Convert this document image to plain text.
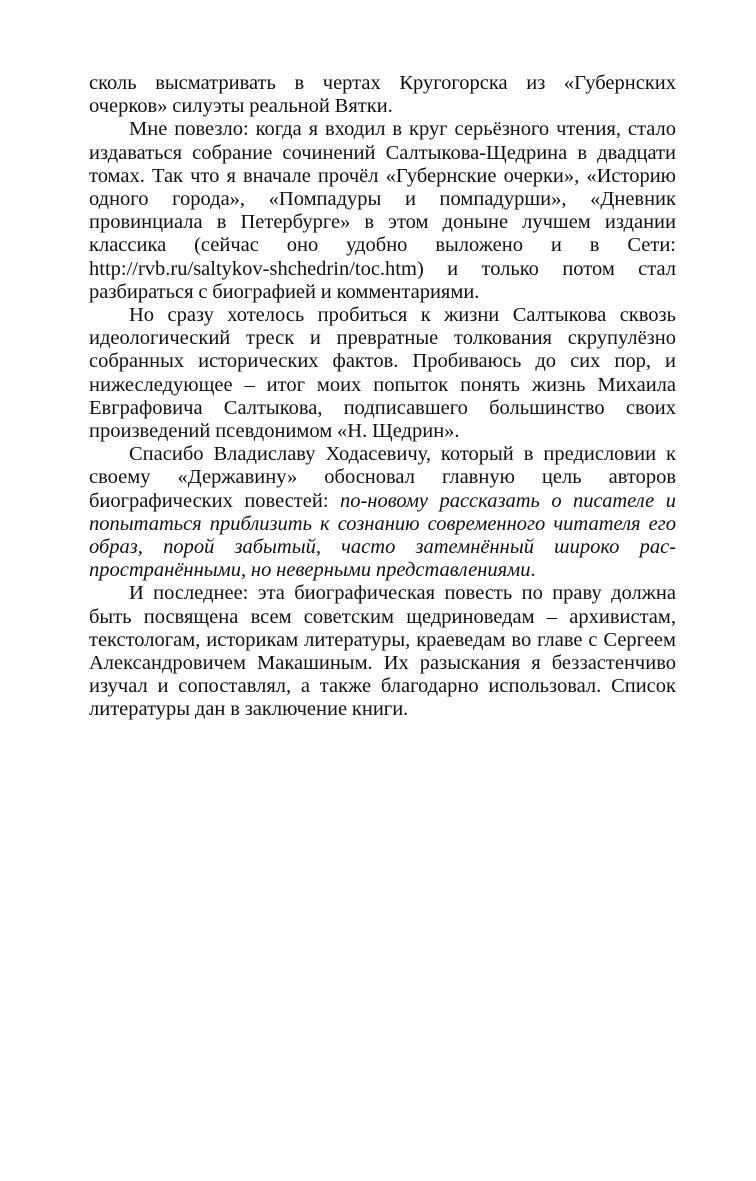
сколь высматривать в чертах Кругогорска из «Губернских очерков» силуэты реальной Вятки.

Мне повезло: когда я входил в круг серьёзного чтения, стало издаваться собрание сочинений Салтыкова-Щедрина в двадцати томах. Так что я вначале прочёл «Губернские очерки», «Историю одного города», «Помпадуры и помпадурши», «Дневник провинциала в Петербурге» в этом доныне лучшем издании классика (сейчас оно удобно выложено и в Сети: http://rvb.ru/saltykov-shchedrin/toc.htm) и только потом стал разбираться с биографией и комментариями.

Но сразу хотелось пробиться к жизни Салтыкова сквозь идеологический треск и превратные толкования скрупулёзно собранных исторических фактов. Пробиваюсь до сих пор, и нижеследующее – итог моих попыток понять жизнь Михаила Евграфовича Салтыкова, подписавшего большинство своих произведений псевдонимом «Н. Щедрин».

Спасибо Владиславу Ходасевичу, который в предисловии к своему «Державину» обосновал главную цель авторов биографических повестей: по-новому рассказать о писателе и попытаться приблизить к сознанию современного читателя его образ, порой забытый, часто затемнённый широко распространёнными, но неверными представлениями.

И последнее: эта биографическая повесть по праву должна быть посвящена всем советским щедриноведам – архивистам, текстологам, историкам литературы, краеведам во главе с Сергеем Александровичем Макашиным. Их разыскания я беззастенчиво изучал и сопоставлял, а также благодарно использовал. Список литературы дан в заключение книги.
